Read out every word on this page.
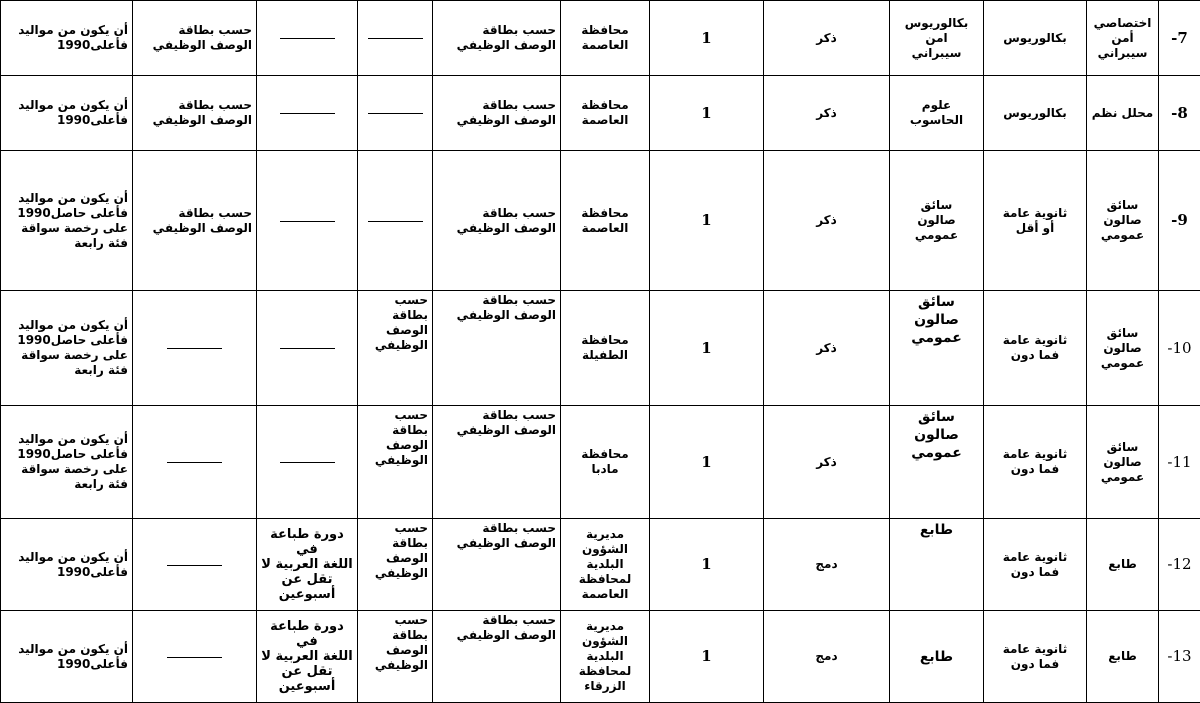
أن يكون من مواليد
1990فأعلى	حسب بطاقة
الوصف الوظيفي			حسب بطاقة
الوصف الوظيفي	محافظة
العاصمة	1	ذكر	بكالوريوس
امن
سيبراني	بكالوريوس	اختصاصي
أمن
سيبراني	-7
أن يكون من مواليد
1990فأعلى	حسب بطاقة
الوصف الوظيفي			حسب بطاقة
الوصف الوظيفي	محافظة
العاصمة	1	ذكر	علوم
الحاسوب	بكالوريوس	محلل نظم	-8
أن يكون من مواليد
1990فأعلى حاصل
على رخصة سواقة
فئة رابعة	حسب بطاقة
الوصف الوظيفي			حسب بطاقة
الوصف الوظيفي	محافظة
العاصمة	1	ذكر	سائق
صالون
عمومي	ثانوية عامة
أو أقل	سائق
صالون
عمومي	-9
أن يكون من مواليد
1990فأعلى حاصل
على رخصة سواقة
فئة رابعة			حسب
بطاقة
الوصف
الوظيفي	حسب بطاقة
الوصف الوظيفي	محافظة
الطفيلة	1	ذكر	سائق
صالون
عمومي	ثانوية عامة
فما دون	سائق
صالون
عمومي	-10
أن يكون من مواليد
1990فأعلى حاصل
على رخصة سواقة
فئة رابعة			حسب
بطاقة
الوصف
الوظيفي	حسب بطاقة
الوصف الوظيفي	محافظة
مادبا	1	ذكر	سائق
صالون
عمومي	ثانوية عامة
فما دون	سائق
صالون
عمومي	-11
أن يكون من مواليد
1990فأعلى		دورة طباعة في
اللغة العربية لا
تقل عن أسبوعين	حسب
بطاقة
الوصف
الوظيفي	حسب بطاقة
الوصف الوظيفي	مديرية
الشؤون
البلدية
لمحافظة
العاصمة	1	دمج	طابع	ثانوية عامة
فما دون	طابع	-12
أن يكون من مواليد
1990فأعلى		دورة طباعة في
اللغة العربية لا
تقل عن أسبوعين	حسب
بطاقة
الوصف
الوظيفي	حسب بطاقة
الوصف الوظيفي	مديرية
الشؤون
البلدية
لمحافظة
الزرقاء	1	دمج	طابع	ثانوية عامة
فما دون	طابع	-13
